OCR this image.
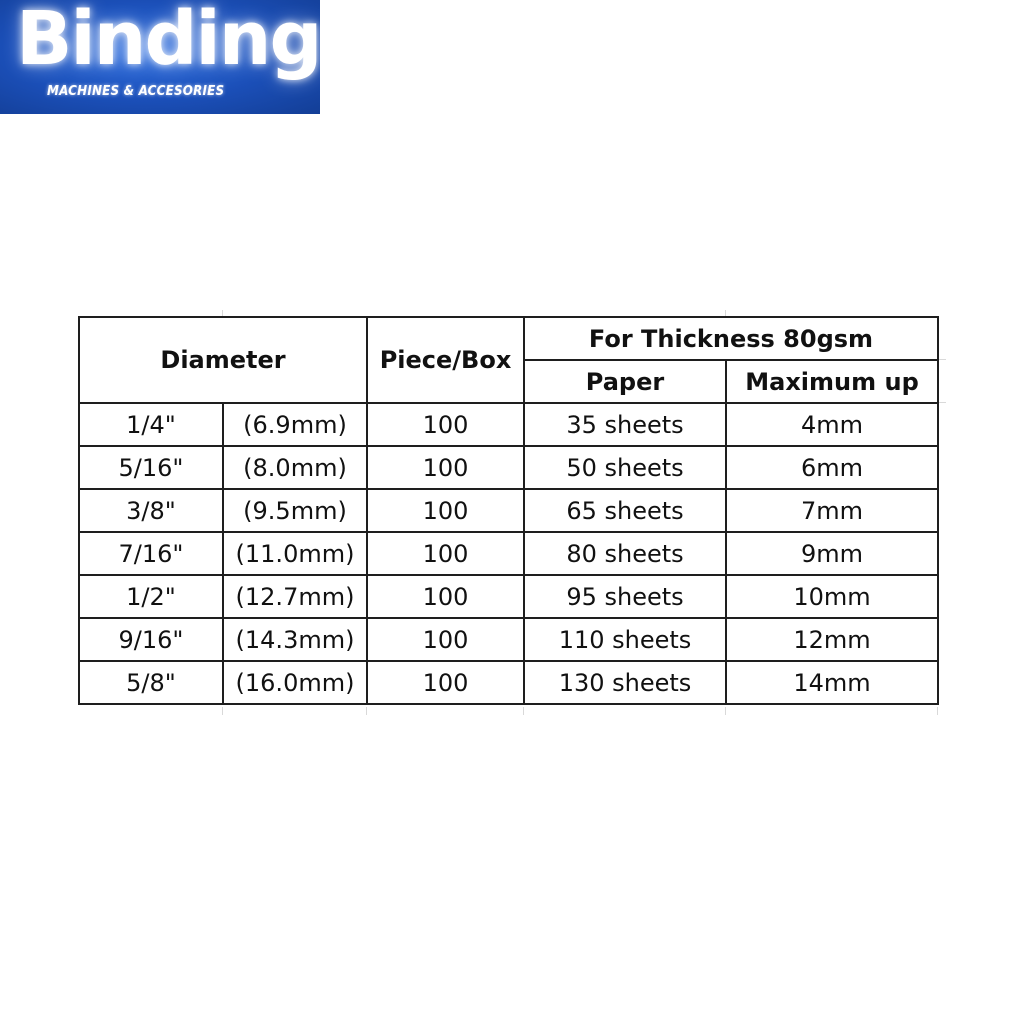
Binding
MACHINES & ACCESORIES
Diameter		Piece/Box	For Thickness 80gsm	
			Paper	Maximum up
1/4"	(6.9mm)	100	35 sheets	4mm
5/16"	(8.0mm)	100	50 sheets	6mm
3/8"	(9.5mm)	100	65 sheets	7mm
7/16"	(11.0mm)	100	80 sheets	9mm
1/2"	(12.7mm)	100	95 sheets	10mm
9/16"	(14.3mm)	100	110 sheets	12mm
5/8"	(16.0mm)	100	130 sheets	14mm
